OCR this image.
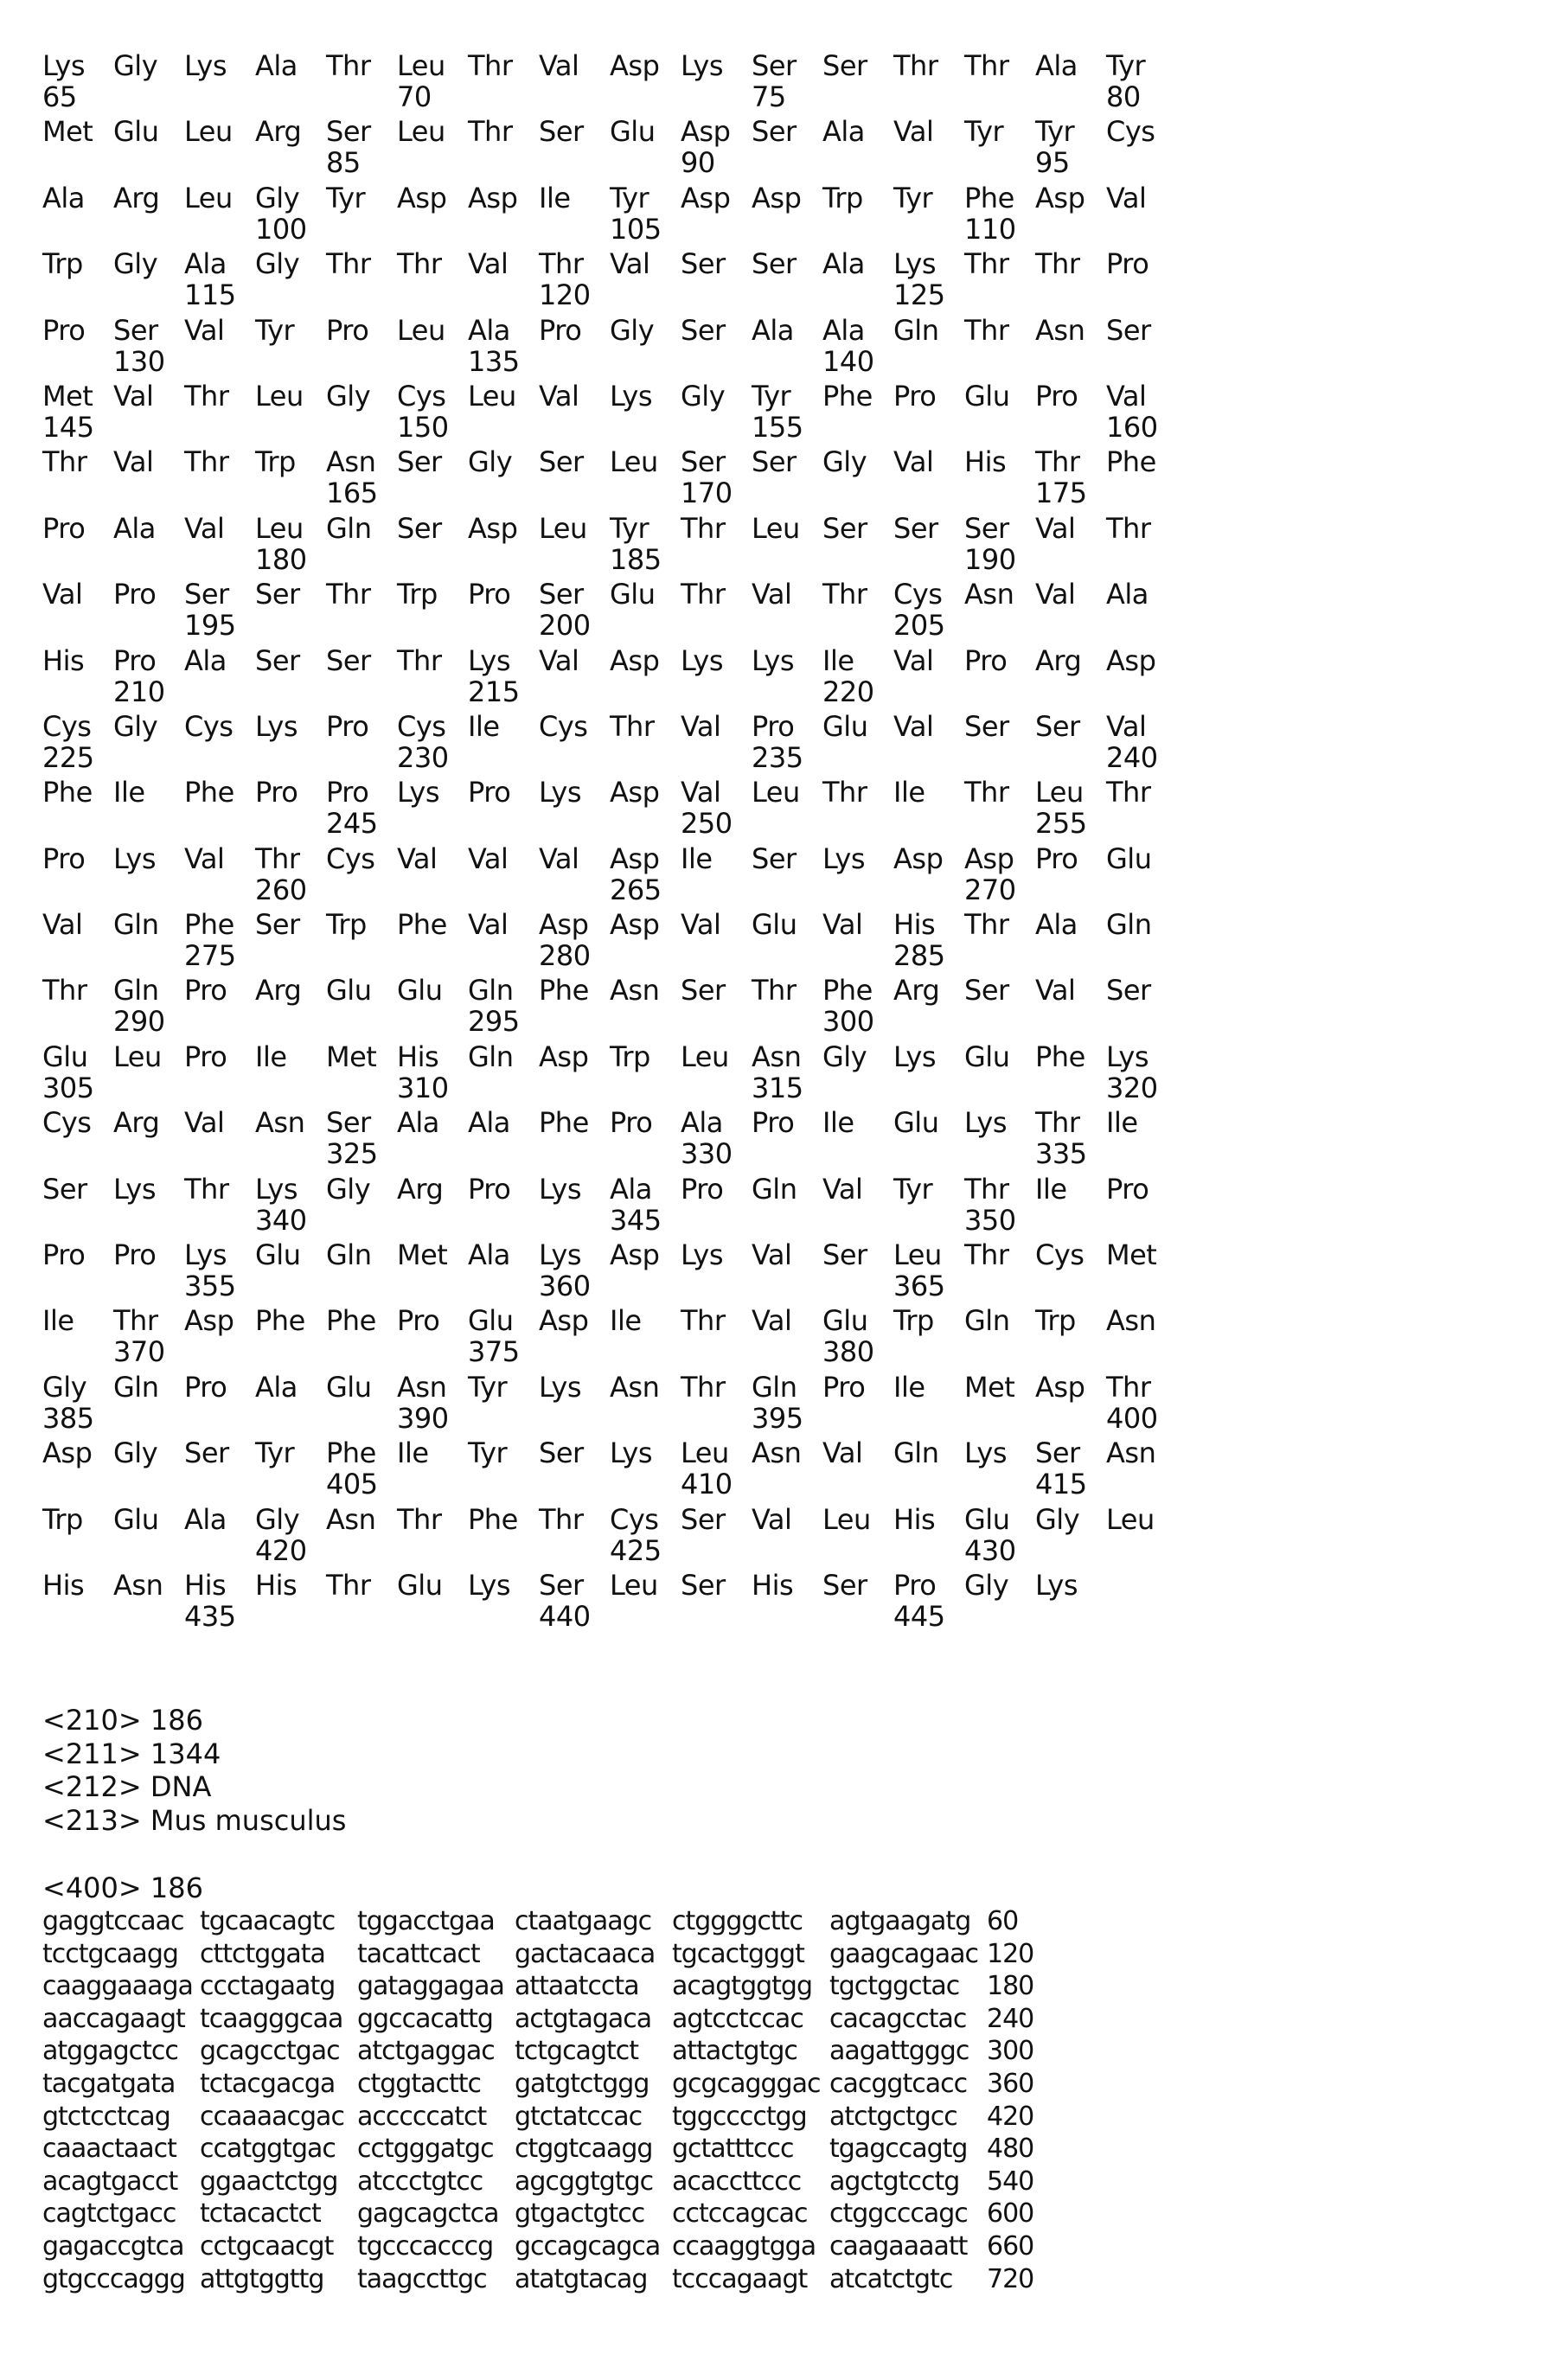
Lys Gly Lys Ala Thr Leu Thr Val Asp Lys Ser Ser Thr Thr Ala Tyr
65	70	75	80
Met Glu Leu Arg Ser Leu Thr Ser Glu Asp Ser Ala Val Tyr Tyr Cys
85	90	95
Ala Arg Leu Gly Tyr Asp Asp Ile Tyr Asp Asp Trp Tyr Phe Asp Val
100	105	110
Trp Gly Ala Gly Thr Thr Val Thr Val Ser Ser Ala Lys Thr Thr Pro
115	120	125
Pro Ser Val Tyr Pro Leu Ala Pro Gly Ser Ala Ala Gln Thr Asn Ser
130	135	140
Met Val Thr Leu Gly Cys Leu Val Lys Gly Tyr Phe Pro Glu Pro Val
145	150	155	160
Thr Val Thr Trp Asn Ser Gly Ser Leu Ser Ser Gly Val His Thr Phe
165	170	175
Pro Ala Val Leu Gln Ser Asp Leu Tyr Thr Leu Ser Ser Ser Val Thr
180	185	190
Val Pro Ser Ser Thr Trp Pro Ser Glu Thr Val Thr Cys Asn Val Ala
195	200	205
His Pro Ala Ser Ser Thr Lys Val Asp Lys Lys Ile Val Pro Arg Asp
210	215	220
Cys Gly Cys Lys Pro Cys Ile Cys Thr Val Pro Glu Val Ser Ser Val
225	230	235	240
Phe Ile Phe Pro Pro Lys Pro Lys Asp Val Leu Thr Ile Thr Leu Thr
245	250	255
Pro Lys Val Thr Cys Val Val Val Asp Ile Ser Lys Asp Asp Pro Glu
260	265	270
Val Gln Phe Ser Trp Phe Val Asp Asp Val Glu Val His Thr Ala Gln
275	280	285
Thr Gln Pro Arg Glu Glu Gln Phe Asn Ser Thr Phe Arg Ser Val Ser
290	295	300
Glu Leu Pro Ile Met His Gln Asp Trp Leu Asn Gly Lys Glu Phe Lys
305	310	315	320
Cys Arg Val Asn Ser Ala Ala Phe Pro Ala Pro Ile Glu Lys Thr Ile
325	330	335
Ser Lys Thr Lys Gly Arg Pro Lys Ala Pro Gln Val Tyr Thr Ile Pro
340	345	350
Pro Pro Lys Glu Gln Met Ala Lys Asp Lys Val Ser Leu Thr Cys Met
355	360	365
Ile Thr Asp Phe Phe Pro Glu Asp Ile Thr Val Glu Trp Gln Trp Asn
370	375	380
Gly Gln Pro Ala Glu Asn Tyr Lys Asn Thr Gln Pro Ile Met Asp Thr
385	390	395	400
Asp Gly Ser Tyr Phe Ile Tyr Ser Lys Leu Asn Val Gln Lys Ser Asn
405	410	415
Trp Glu Ala Gly Asn Thr Phe Thr Cys Ser Val Leu His Glu Gly Leu
420	425	430
His Asn His His Thr Glu Lys Ser Leu Ser His Ser Pro Gly Lys
435	440	445
<210> 186
<211> 1344
<212> DNA
<213> Mus musculus
<400> 186
gaggtccaac tgcaacagtc tggacctgaa ctaatgaagc ctggggcttc agtgaagatg 60
tcctgcaagg cttctggata tacattcact gactacaaca tgcactgggt gaagcagaac 120
caaggaaaga ccctagaatg gataggagaa attaatccta acagtggtgg tgctggctac 180
aaccagaagt tcaagggcaa ggccacattg actgtagaca agtcctccac cacagcctac 240
atggagctcc gcagcctgac atctgaggac tctgcagtct attactgtgc aagattgggc 300
tacgatgata tctacgacga ctggtacttc gatgtctggg gcgcagggac cacggtcacc 360
gtctcctcag ccaaaacgac acccccatct gtctatccac tggcccctgg atctgctgcc 420
caaactaact ccatggtgac cctgggatgc ctggtcaagg gctatttccc tgagccagtg 480
acagtgacct ggaactctgg atccctgtcc agcggtgtgc acaccttccc agctgtcctg 540
cagtctgacc tctacactct gagcagctca gtgactgtcc cctccagcac ctggcccagc 600
gagaccgtca cctgcaacgt tgcccacccg gccagcagca ccaaggtgga caagaaaatt 660
gtgcccaggg attgtggttg taagccttgc atatgtacag tcccagaagt atcatctgtc 720
